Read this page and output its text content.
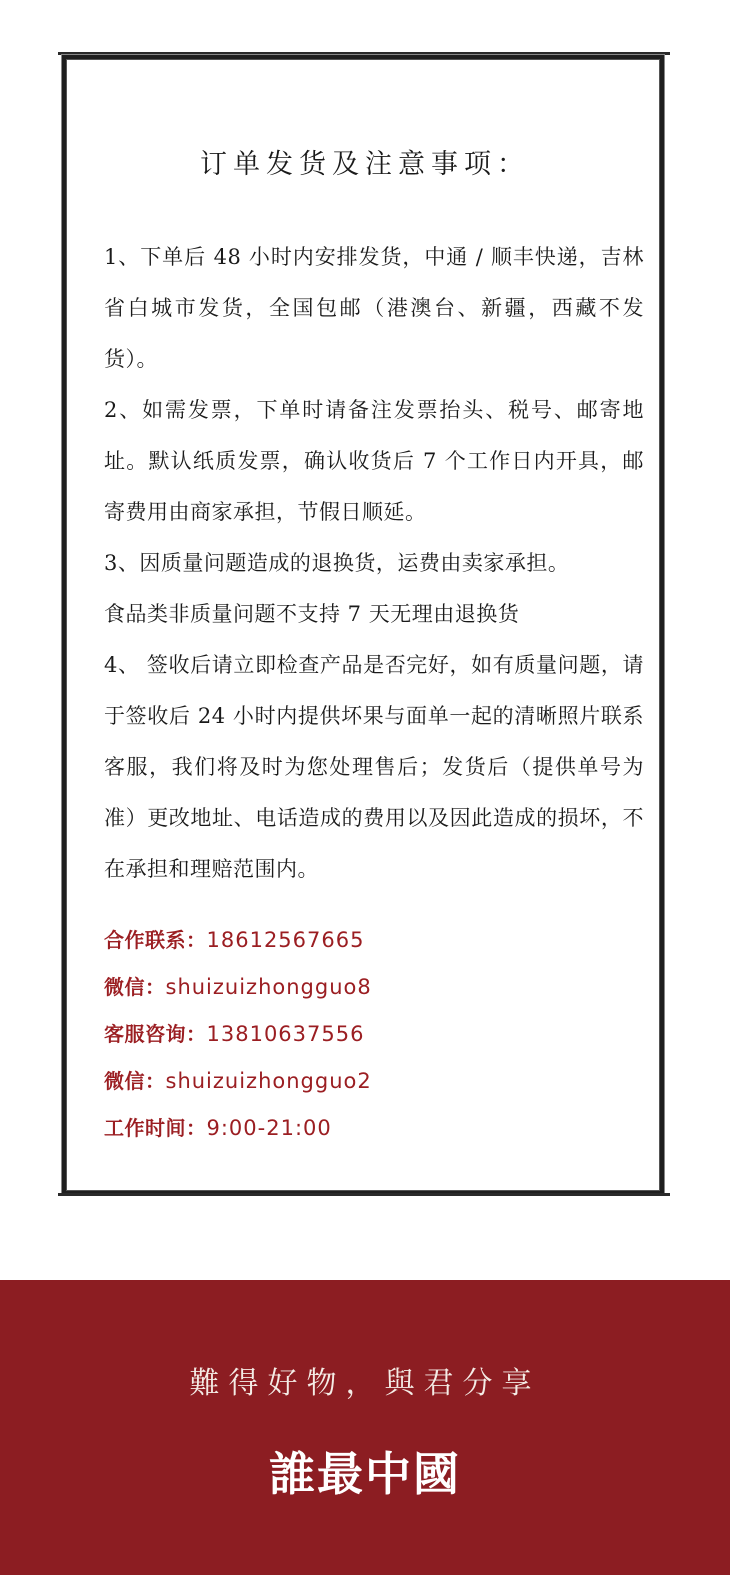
订单发货及注意事项：

1、下单后 48 小时内安排发货，中通 / 顺丰快递，吉林省白城市发货，全国包邮（港澳台、新疆，西藏不发货）。

2、如需发票，下单时请备注发票抬头、税号、邮寄地址。默认纸质发票，确认收货后 7 个工作日内开具，邮寄费用由商家承担，节假日顺延。

3、因质量问题造成的退换货，运费由卖家承担。

食品类非质量问题不支持 7 天无理由退换货

4、 签收后请立即检查产品是否完好，如有质量问题，请于签收后 24 小时内提供坏果与面单一起的清晰照片联系客服，我们将及时为您处理售后；发货后（提供单号为准）更改地址、电话造成的费用以及因此造成的损坏，不在承担和理赔范围内。

合作联系：18612567665
微信：shuizuizhongguo8
客服咨询：13810637556
微信：shuizuizhongguo2
工作时间：9:00-21:00

難得好物，與君分享

誰最中國
